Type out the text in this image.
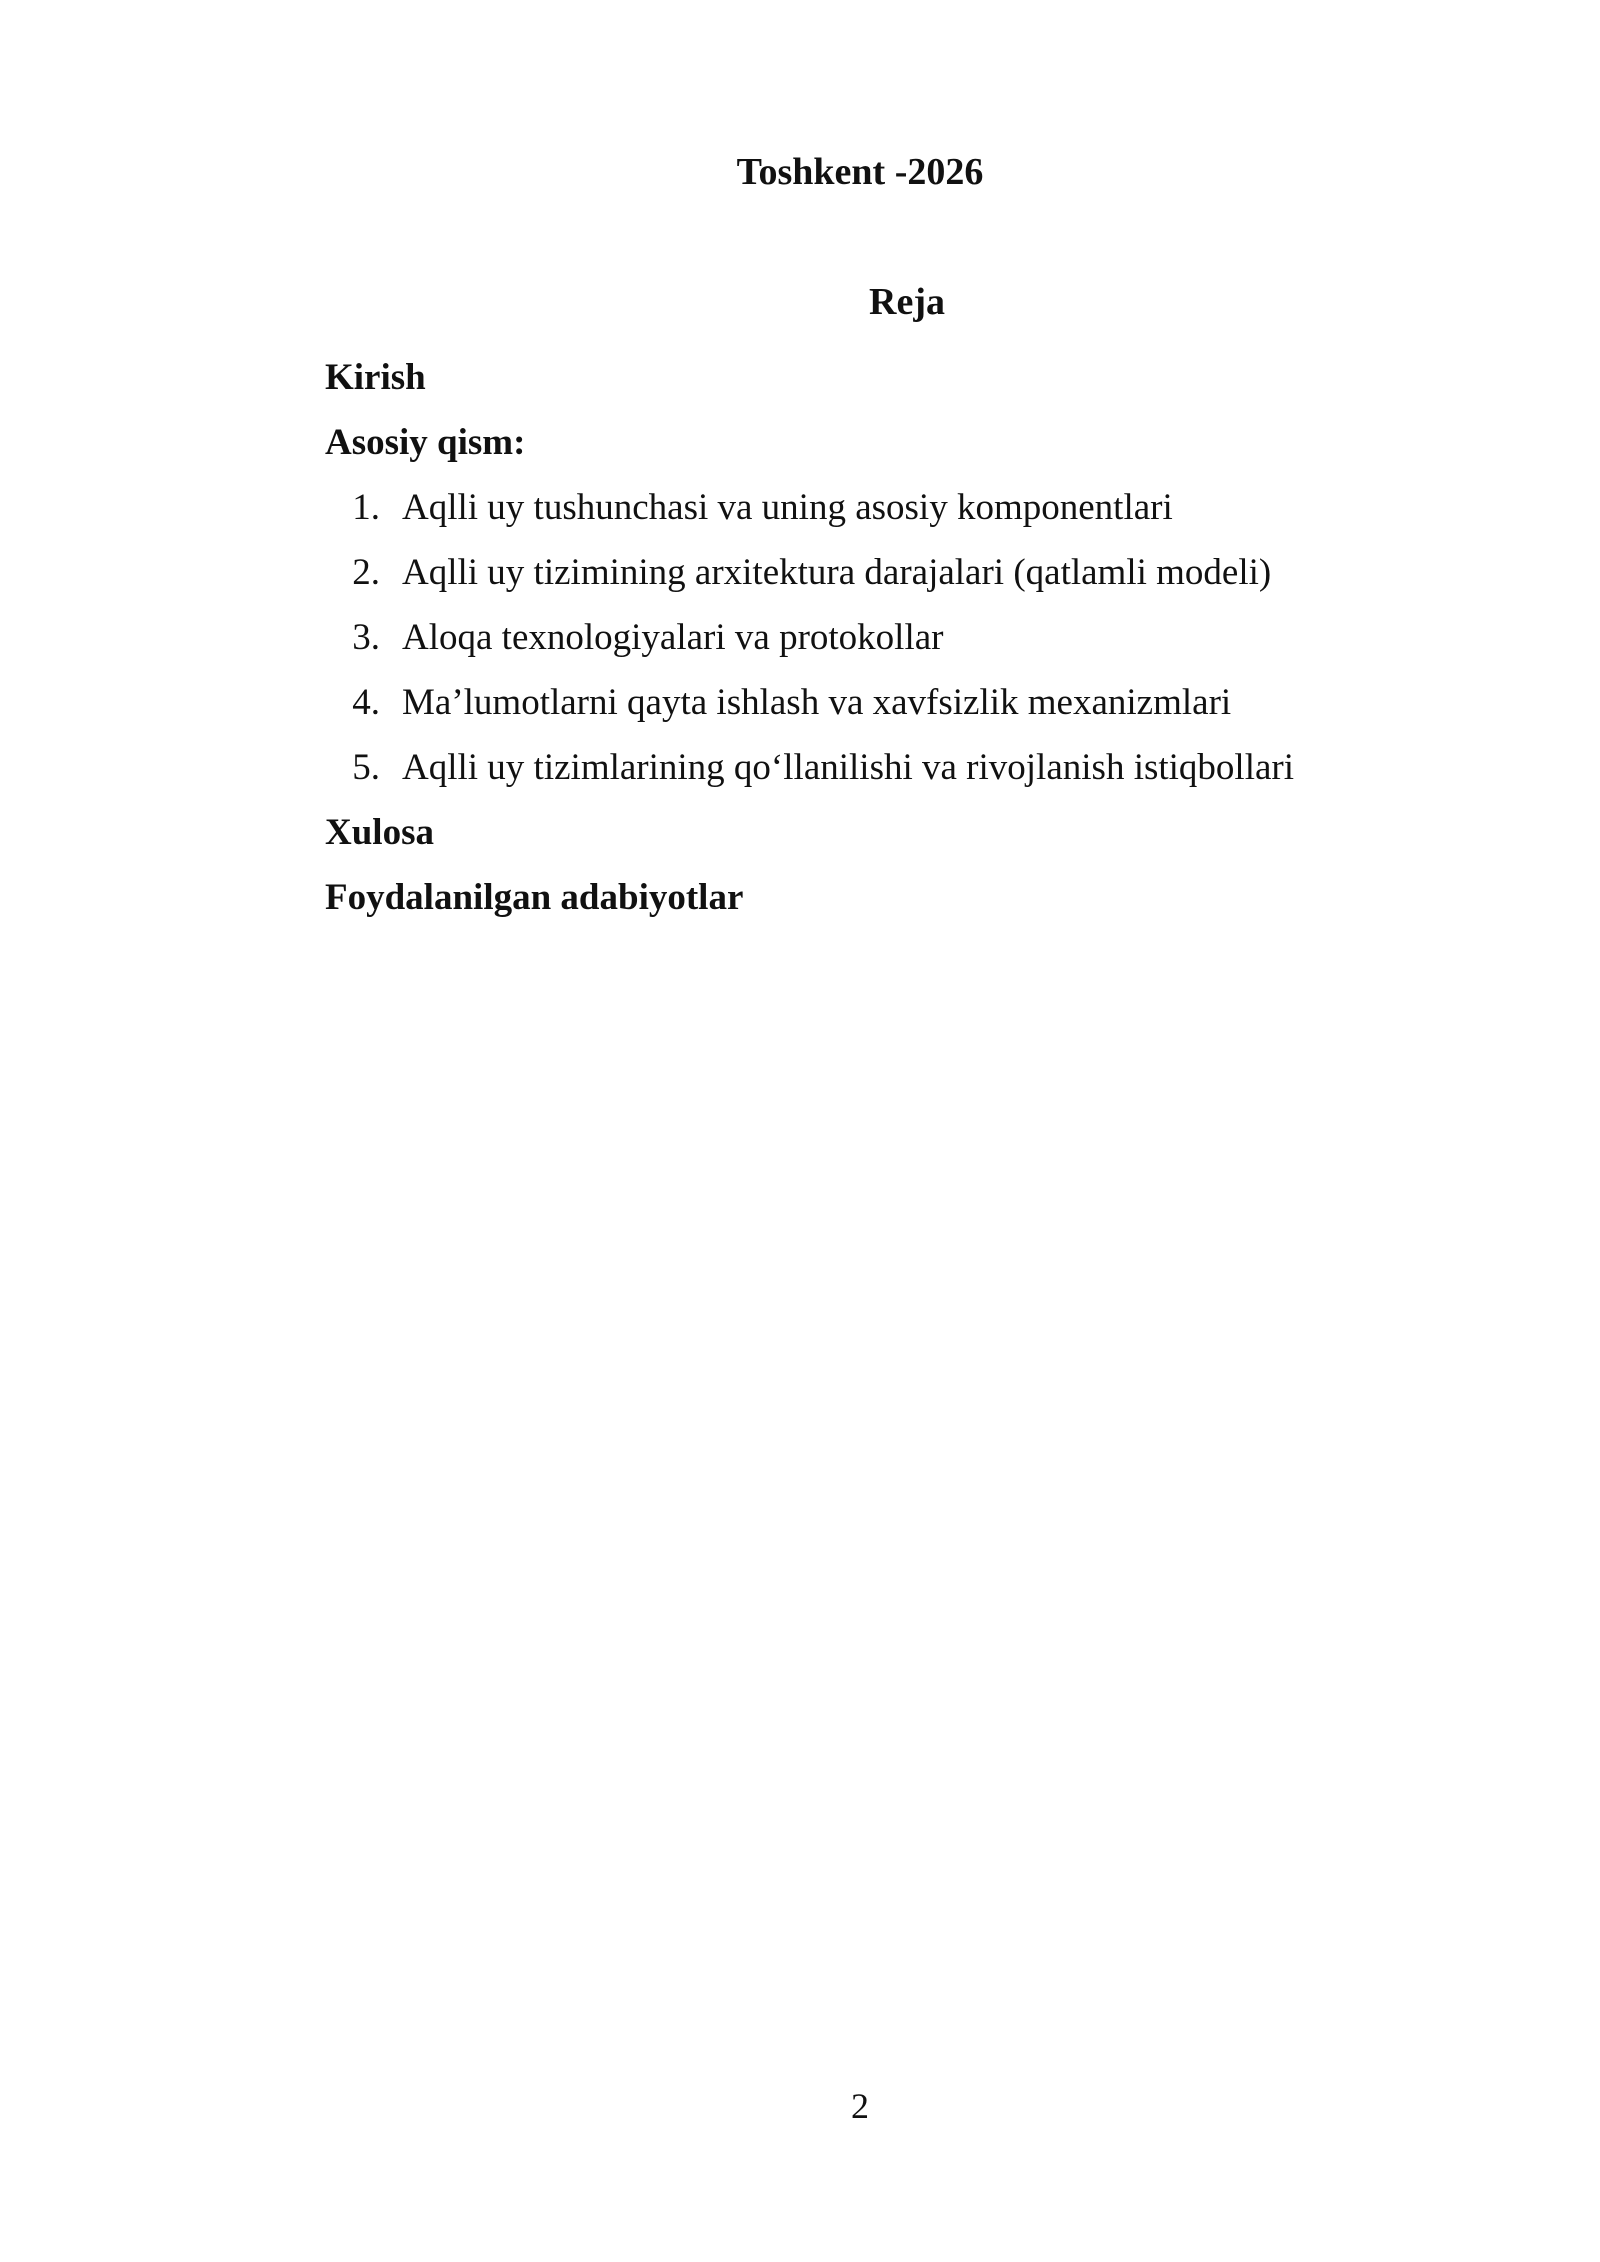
Toshkent -2026
Reja

Kirish

Asosiy qism:

1. Aqlli uy tushunchasi va uning asosiy komponentlari
2. Aqlli uy tizimining arxitektura darajalari (qatlamli modeli)
3. Aloqa texnologiyalari va protokollar
4. Ma’lumotlarni qayta ishlash va xavfsizlik mexanizmlari
5. Aqlli uy tizimlarining qo‘llanilishi va rivojlanish istiqbollari

Xulosa

Foydalanilgan adabiyotlar

2
